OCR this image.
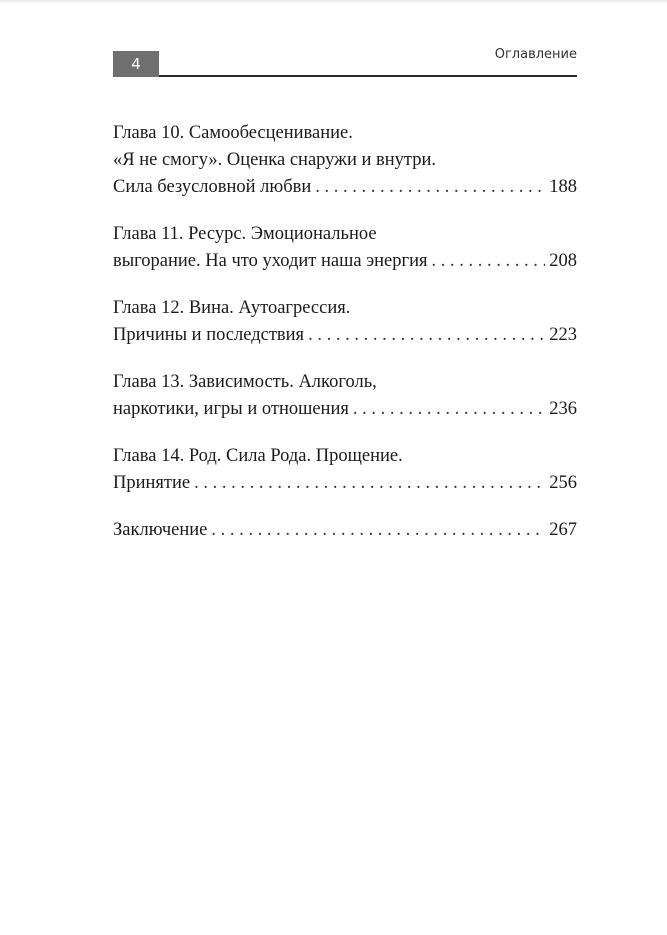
4
Оглавление
Глава 10. Самообесценивание.
«Я не смогу». Оценка снаружи и внутри.
Сила безусловной любви . . .	188
Глава 11. Ресурс. Эмоциональное
выгорание. На что уходит наша энергия . . .	208
Глава 12. Вина. Аутоагрессия.
Причины и последствия . . .	223
Глава 13. Зависимость. Алкоголь,
наркотики, игры и отношения . . .	236
Глава 14. Род. Сила Рода. Прощение.
Принятие . . .	256
Заключение . . .	267
